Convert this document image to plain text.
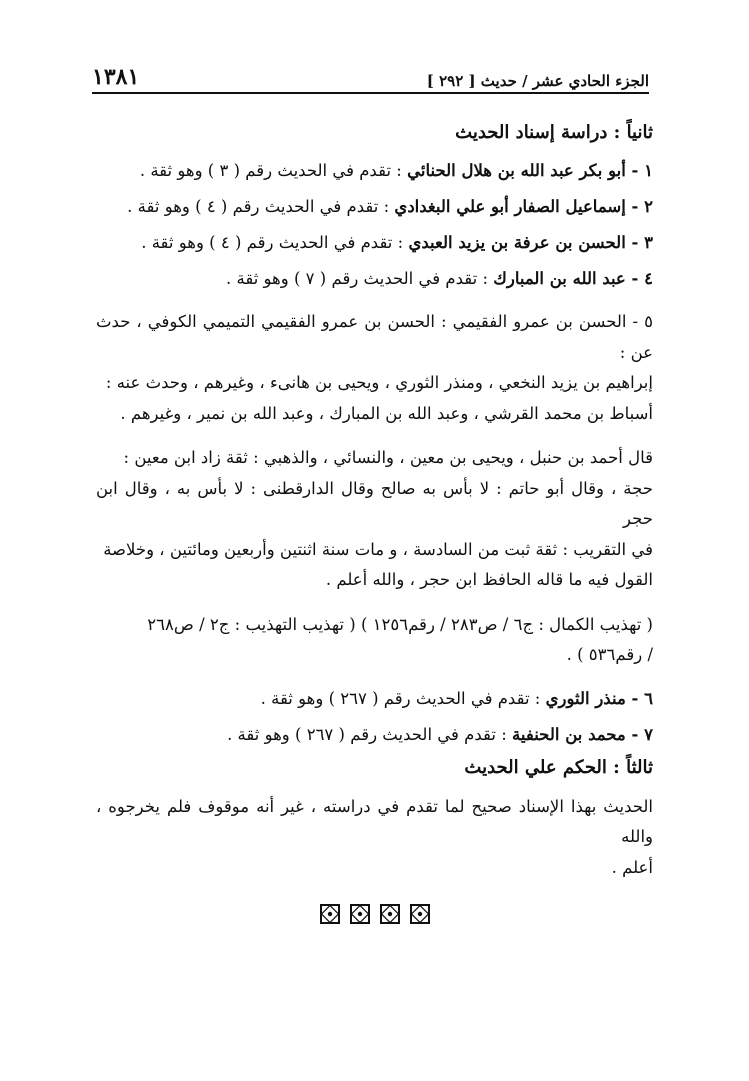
١٣٨١	الجزء الحادي عشر / حديث [ ٢٩٢ ]

ثانياً : دراسة إسناد الحديث

١ - أبو بكر عبد الله بن هلال الحنائي : تقدم في الحديث رقم ( ٣ ) وهو ثقة .

٢ - إسماعيل الصفار أبو علي البغدادي : تقدم في الحديث رقم ( ٤ ) وهو ثقة .

٣ - الحسن بن عرفة بن يزيد العبدي : تقدم في الحديث رقم ( ٤ ) وهو ثقة .

٤ - عبد الله بن المبارك : تقدم في الحديث رقم ( ٧ ) وهو ثقة .

٥ - الحسن بن عمرو الفقيمي : الحسن بن عمرو الفقيمي التميمي الكوفي ، حدث عن :

إبراهيم بن يزيد النخعي ، ومنذر الثوري ، ويحيى بن هانىء ، وغيرهم ، وحدث عنه :

أسباط بن محمد القرشي ، وعبد الله بن المبارك ، وعبد الله بن نمير ، وغيرهم .

قال أحمد بن حنبل ، ويحيى بن معين ، والنسائي ، والذهبي : ثقة زاد ابن معين :

حجة ، وقال أبو حاتم : لا بأس به صالح وقال الدارقطنى : لا بأس به ، وقال ابن حجر

في التقريب : ثقة ثبت من السادسة ، و مات سنة اثنتين وأربعين ومائتين ، وخلاصة

القول فيه ما قاله الحافظ ابن حجر ، والله أعلم .

( تهذيب الكمال : ج٦ / ص٢٨٣ / رقم١٢٥٦ ) ( تهذيب التهذيب : ج٢ / ص٢٦٨

/ رقم٥٣٦ ) .

٦ - منذر الثوري : تقدم في الحديث رقم ( ٢٦٧ ) وهو ثقة .

٧ - محمد بن الحنفية : تقدم في الحديث رقم ( ٢٦٧ ) وهو ثقة .

ثالثاً : الحكم علي الحديث

الحديث بهذا الإسناد صحيح لما تقدم في دراسته ، غير أنه موقوف فلم يخرجوه ، والله

أعلم .
